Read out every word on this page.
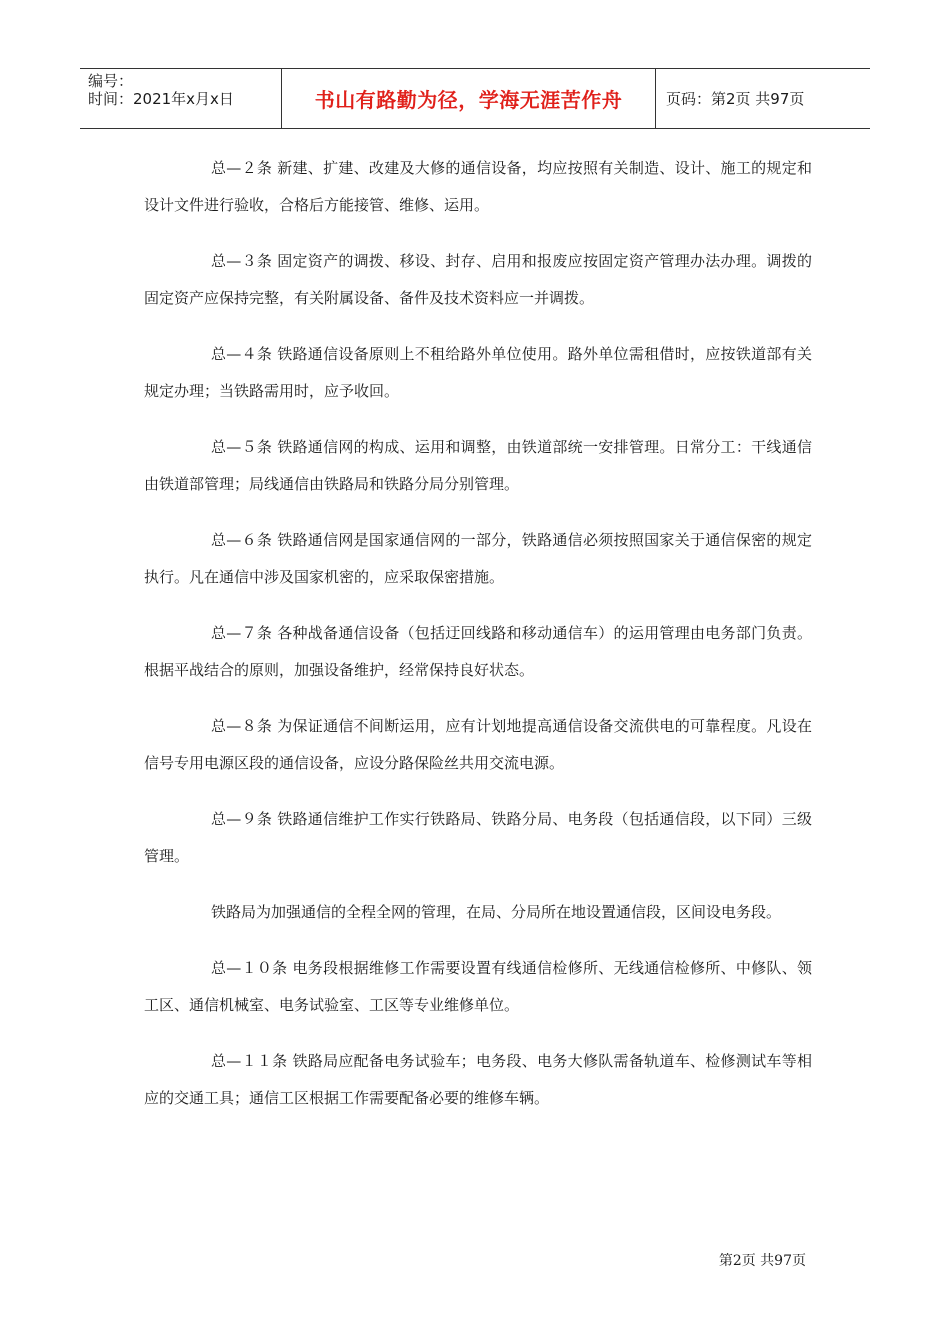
编号：
时间：2021年x月x日	书山有路勤为径，学海无涯苦作舟	页码：第2页 共97页

总—２条 新建、扩建、改建及大修的通信设备，均应按照有关制造、设计、施工的规定和设计文件进行验收，合格后方能接管、维修、运用。

总—３条 固定资产的调拨、移设、封存、启用和报废应按固定资产管理办法办理。调拨的固定资产应保持完整，有关附属设备、备件及技术资料应一并调拨。

总—４条 铁路通信设备原则上不租给路外单位使用。路外单位需租借时，应按铁道部有关规定办理；当铁路需用时，应予收回。

总—５条 铁路通信网的构成、运用和调整，由铁道部统一安排管理。日常分工：干线通信由铁道部管理；局线通信由铁路局和铁路分局分别管理。

总—６条 铁路通信网是国家通信网的一部分，铁路通信必须按照国家关于通信保密的规定执行。凡在通信中涉及国家机密的，应采取保密措施。

总—７条 各种战备通信设备（包括迂回线路和移动通信车）的运用管理由电务部门负责。根据平战结合的原则，加强设备维护，经常保持良好状态。

总—８条 为保证通信不间断运用，应有计划地提高通信设备交流供电的可靠程度。凡设在信号专用电源区段的通信设备，应设分路保险丝共用交流电源。

总—９条 铁路通信维护工作实行铁路局、铁路分局、电务段（包括通信段，以下同）三级管理。

铁路局为加强通信的全程全网的管理，在局、分局所在地设置通信段，区间设电务段。

总—１０条 电务段根据维修工作需要设置有线通信检修所、无线通信检修所、中修队、领工区、通信机械室、电务试验室、工区等专业维修单位。

总—１１条 铁路局应配备电务试验车；电务段、电务大修队需备轨道车、检修测试车等相应的交通工具；通信工区根据工作需要配备必要的维修车辆。

第2页 共97页
